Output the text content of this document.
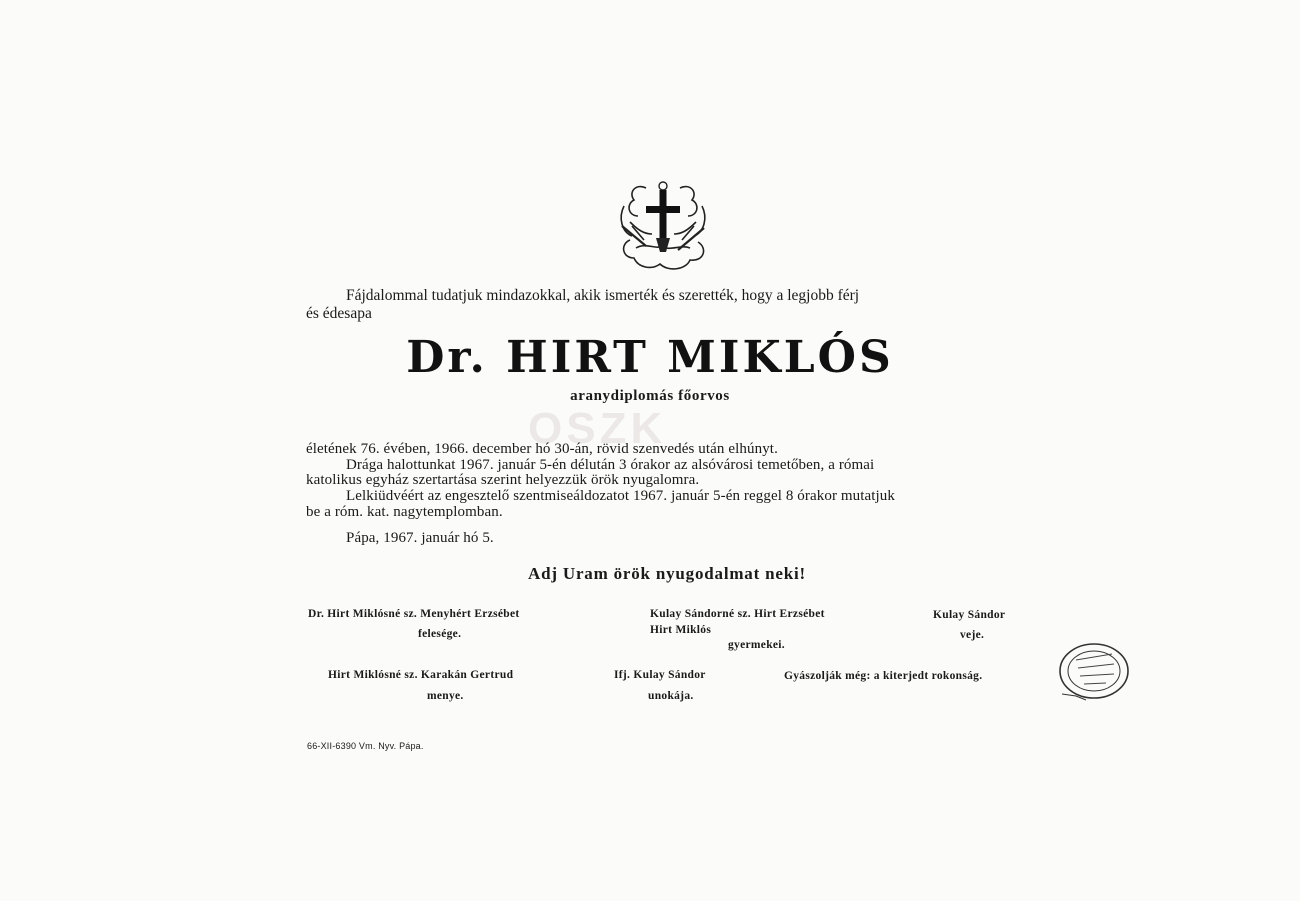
OSZK
Fájdalommal tudatjuk mindazokkal, akik ismerték és szerették, hogy a legjobb férj
és édesapa
Dr. HIRT MIKLÓS
aranydiplomás főorvos
életének 76. évében, 1966. december hó 30-án, rövid szenvedés után elhúnyt.
Drága halottunkat 1967. január 5-én délután 3 órakor az alsóvárosi temetőben, a római
katolikus egyház szertartása szerint helyezzük örök nyugalomra.
Lelkiüdvéért az engesztelő szentmiseáldozatot 1967. január 5-én reggel 8 órakor mutatjuk
be a róm. kat. nagytemplomban.
Pápa, 1967. január hó 5.
Adj Uram örök nyugodalmat neki!
Dr. Hirt Miklósné sz. Menyhért Erzsébet
felesége.
Kulay Sándorné sz. Hirt Erzsébet
Hirt Miklós
gyermekei.
Kulay Sándor
veje.
Hirt Miklósné sz. Karakán Gertrud
menye.
Ifj. Kulay Sándor
unokája.
Gyászolják még: a kiterjedt rokonság.
66-XII-6390 Vm. Nyv. Pápa.
